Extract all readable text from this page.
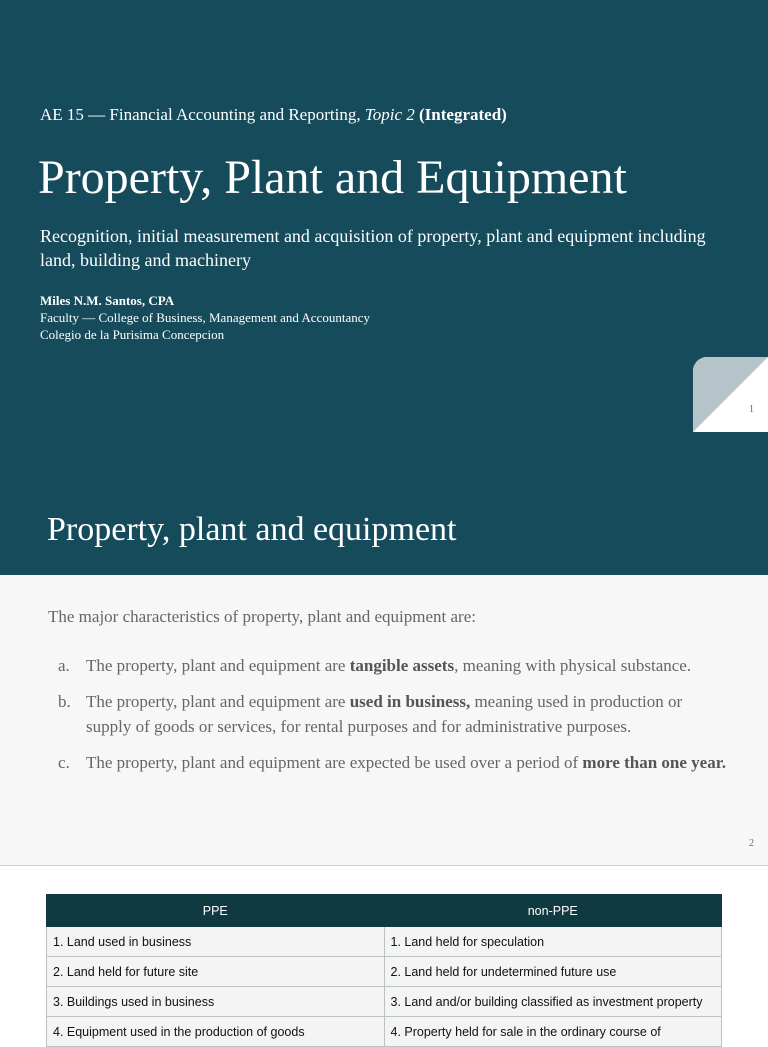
AE 15 — Financial Accounting and Reporting, Topic 2 (Integrated)
Property, Plant and Equipment
Recognition, initial measurement and acquisition of property, plant and equipment including land, building and machinery
Miles N.M. Santos, CPA
Faculty — College of Business, Management and Accountancy
Colegio de la Purisima Concepcion
1
Property, plant and equipment
The major characteristics of property, plant and equipment are:
a. The property, plant and equipment are tangible assets, meaning with physical substance.
b. The property, plant and equipment are used in business, meaning used in production or supply of goods or services, for rental purposes and for administrative purposes.
c. The property, plant and equipment are expected be used over a period of more than one year.
2
PPE	non-PPE
1. Land used in business	1. Land held for speculation
2. Land held for future site	2. Land held for undetermined future use
3. Buildings used in business	3. Land and/or building classified as investment property
4. Equipment used in the production of goods	4. Property held for sale in the ordinary course of
